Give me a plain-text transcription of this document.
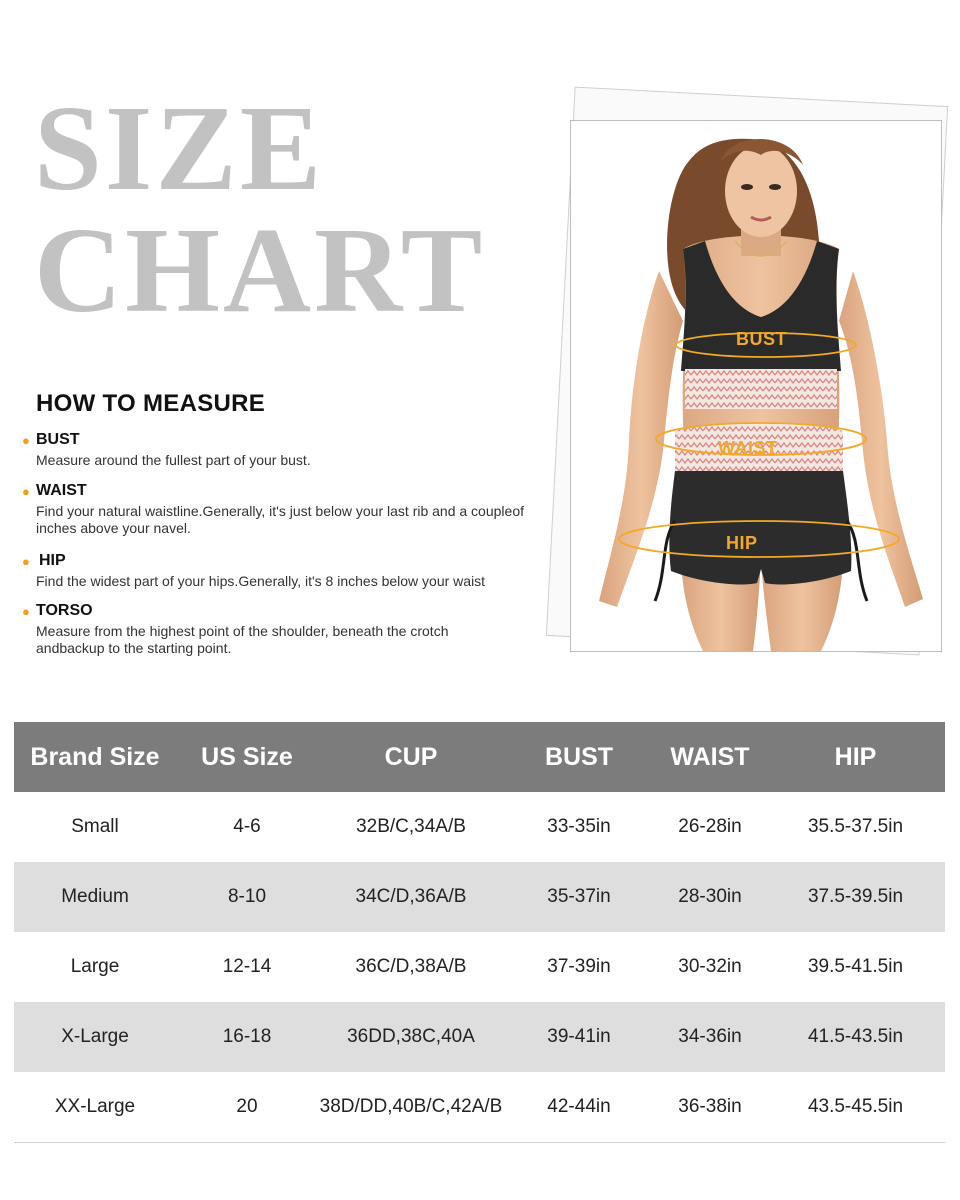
SIZE
CHART
HOW TO MEASURE
● BUST
Measure around the fullest part of your bust.
● WAIST
Find your natural waistline.Generally, it's just below your last rib and a coupleof inches above your navel.
● HIP
Find the widest part of your hips.Generally, it's 8 inches below your waist
● TORSO
Measure from the highest point of the shoulder, beneath the crotch andbackup to the starting point.
BUST
WAIST
HIP
Brand Size	US Size	CUP	BUST	WAIST	HIP
Small	4-6	32B/C,34A/B	33-35in	26-28in	35.5-37.5in
Medium	8-10	34C/D,36A/B	35-37in	28-30in	37.5-39.5in
Large	12-14	36C/D,38A/B	37-39in	30-32in	39.5-41.5in
X-Large	16-18	36DD,38C,40A	39-41in	34-36in	41.5-43.5in
XX-Large	20	38D/DD,40B/C,42A/B	42-44in	36-38in	43.5-45.5in
